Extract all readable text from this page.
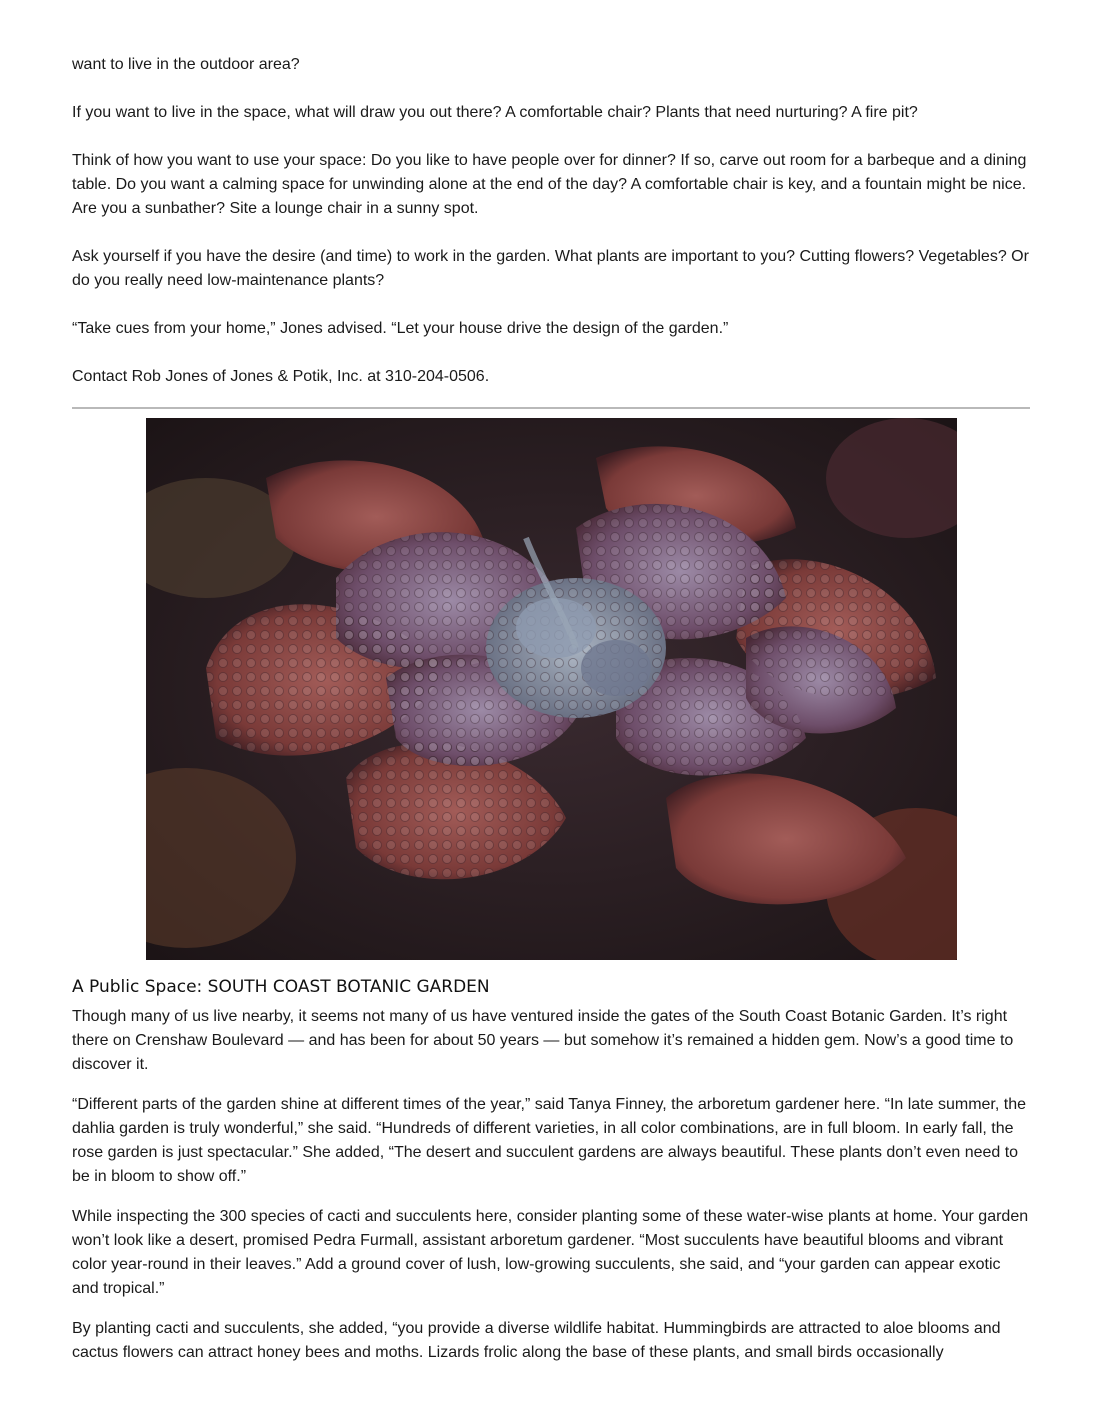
want to live in the outdoor area?

If you want to live in the space, what will draw you out there? A comfortable chair? Plants that need nurturing? A fire pit?

Think of how you want to use your space: Do you like to have people over for dinner? If so, carve out room for a barbeque and a dining table. Do you want a calming space for unwinding alone at the end of the day? A comfortable chair is key, and a fountain might be nice. Are you a sunbather? Site a lounge chair in a sunny spot.

Ask yourself if you have the desire (and time) to work in the garden. What plants are important to you? Cutting flowers? Vegetables? Or do you really need low-maintenance plants?

“Take cues from your home,” Jones advised. “Let your house drive the design of the garden.”

Contact Rob Jones of Jones & Potik, Inc. at 310-204-0506.

A Public Space: SOUTH COAST BOTANIC GARDEN

Though many of us live nearby, it seems not many of us have ventured inside the gates of the South Coast Botanic Garden. It’s right there on Crenshaw Boulevard — and has been for about 50 years — but somehow it’s remained a hidden gem. Now’s a good time to discover it.

“Different parts of the garden shine at different times of the year,” said Tanya Finney, the arboretum gardener here. “In late summer, the dahlia garden is truly wonderful,” she said. “Hundreds of different varieties, in all color combinations, are in full bloom. In early fall, the rose garden is just spectacular.” She added, “The desert and succulent gardens are always beautiful. These plants don’t even need to be in bloom to show off.”

While inspecting the 300 species of cacti and succulents here, consider planting some of these water-wise plants at home. Your garden won’t look like a desert, promised Pedra Furmall, assistant arboretum gardener. “Most succulents have beautiful blooms and vibrant color year-round in their leaves.” Add a ground cover of lush, low-growing succulents, she said, and “your garden can appear exotic and tropical.”

By planting cacti and succulents, she added, “you provide a diverse wildlife habitat. Hummingbirds are attracted to aloe blooms and cactus flowers can attract honey bees and moths. Lizards frolic along the base of these plants, and small birds occasionally
